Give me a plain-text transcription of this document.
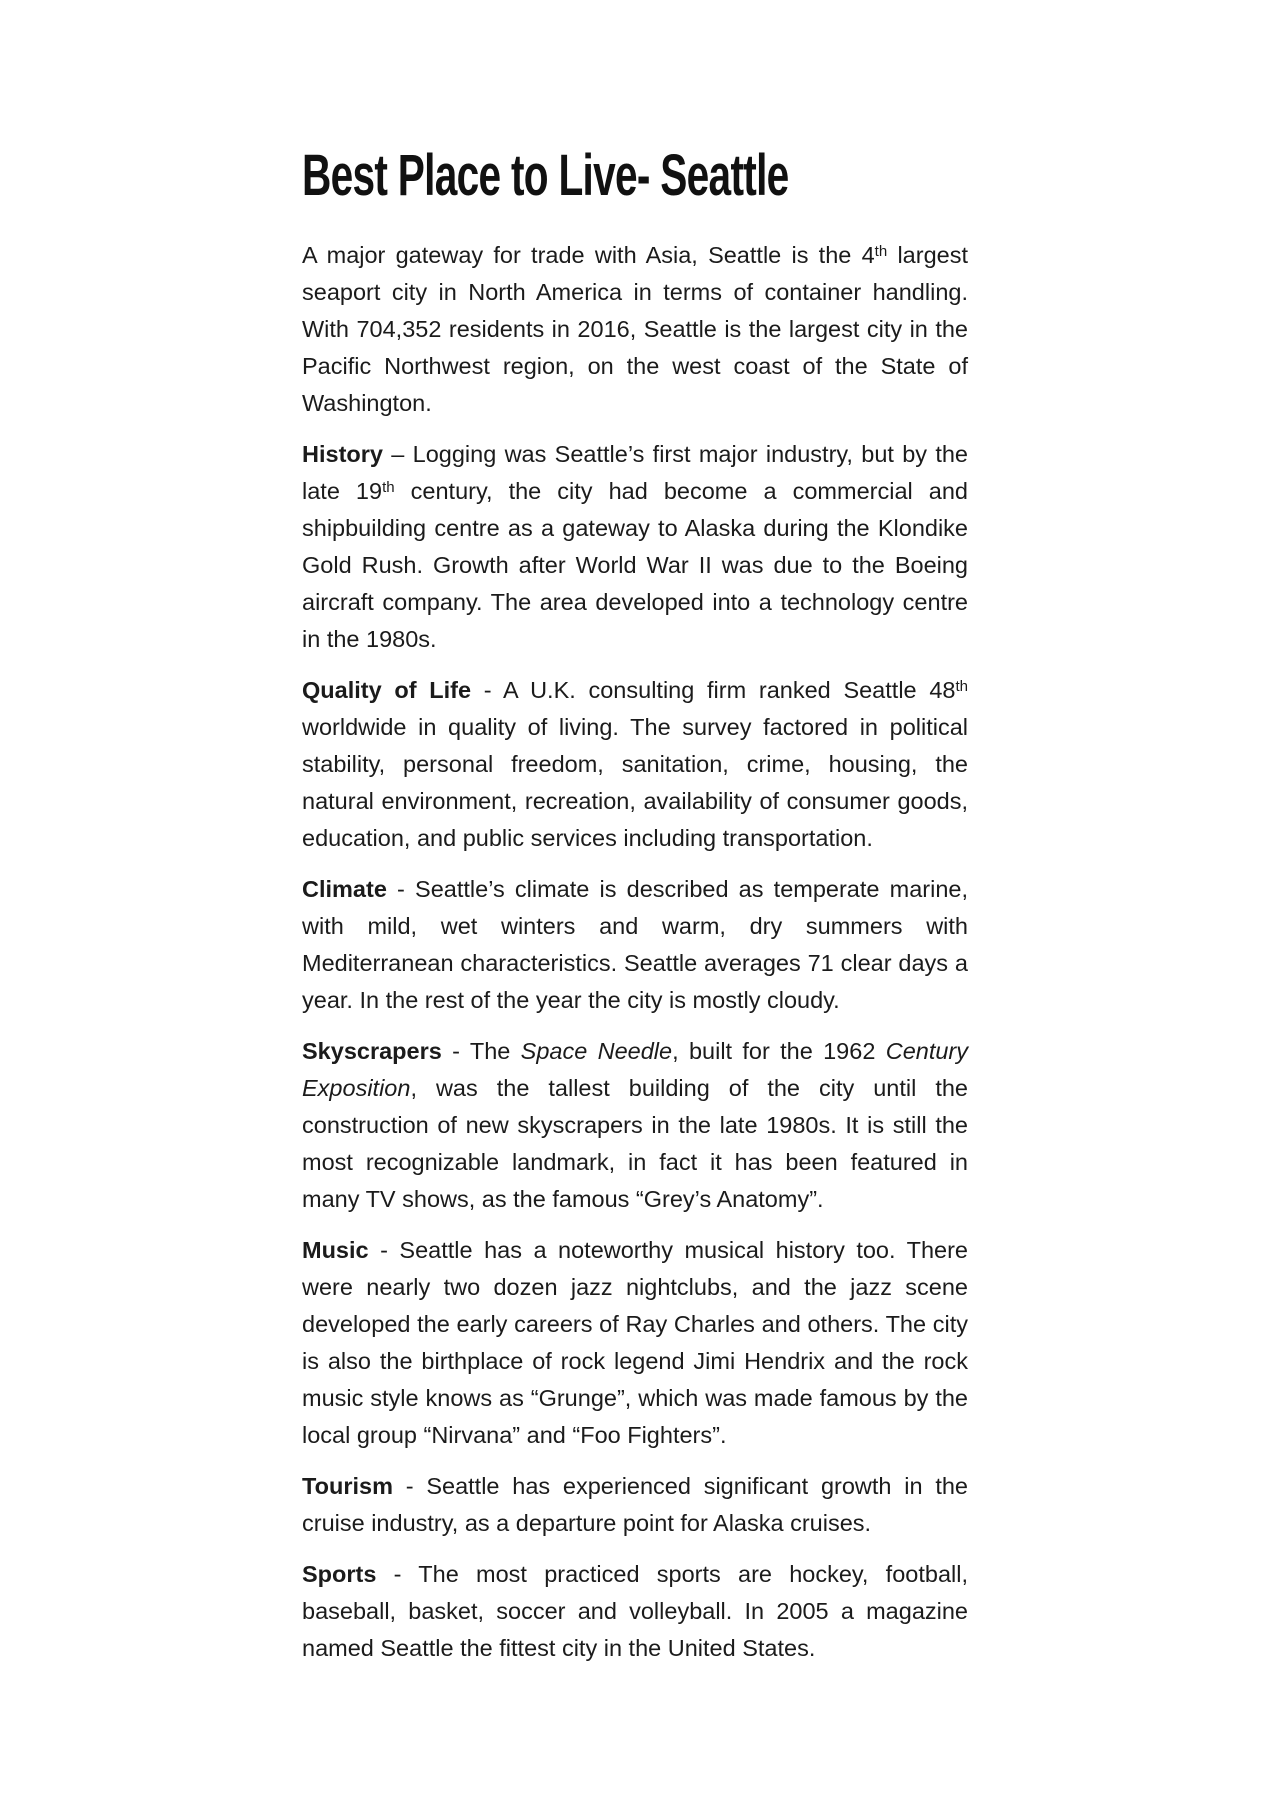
Best Place to Live- Seattle

A major gateway for trade with Asia, Seattle is the 4th largest seaport city in North America in terms of container handling. With 704,352 residents in 2016, Seattle is the largest city in the Pacific Northwest region, on the west coast of the State of Washington.

History – Logging was Seattle’s first major industry, but by the late 19th century, the city had become a commercial and shipbuilding centre as a gateway to Alaska during the Klondike Gold Rush. Growth after World War II was due to the Boeing aircraft company. The area developed into a technology centre in the 1980s.

Quality of Life - A U.K. consulting firm ranked Seattle 48th worldwide in quality of living. The survey factored in political stability, personal freedom, sanitation, crime, housing, the natural environment, recreation, availability of consumer goods, education, and public services including transportation.

Climate - Seattle’s climate is described as temperate marine, with mild, wet winters and warm, dry summers with Mediterranean characteristics. Seattle averages 71 clear days a year. In the rest of the year the city is mostly cloudy.

Skyscrapers - The Space Needle, built for the 1962 Century Exposition, was the tallest building of the city until the construction of new skyscrapers in the late 1980s. It is still the most recognizable landmark, in fact it has been featured in many TV shows, as the famous “Grey’s Anatomy”.

Music - Seattle has a noteworthy musical history too. There were nearly two dozen jazz nightclubs, and the jazz scene developed the early careers of Ray Charles and others. The city is also the birthplace of rock legend Jimi Hendrix and the rock music style knows as “Grunge”, which was made famous by the local group “Nirvana” and “Foo Fighters”.

Tourism - Seattle has experienced significant growth in the cruise industry, as a departure point for Alaska cruises.

Sports - The most practiced sports are hockey, football, baseball, basket, soccer and volleyball. In 2005 a magazine named Seattle the fittest city in the United States.
